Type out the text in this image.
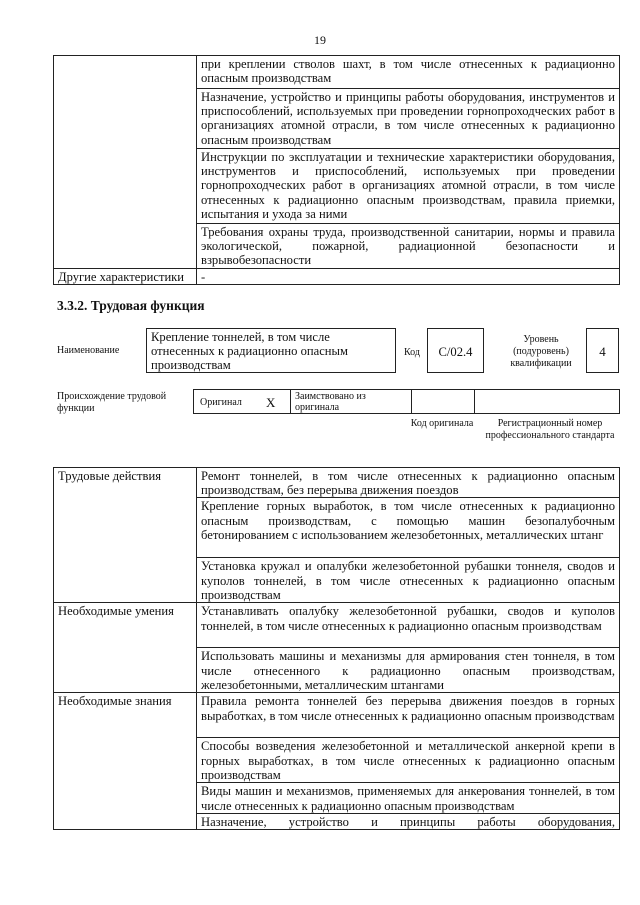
19
	при креплении стволов шахт, в том числе отнесенных к радиационно опасным производствам
	Назначение, устройство и принципы работы оборудования, инструментов и приспособлений, используемых при проведении горнопроходческих работ в организациях атомной отрасли, в том числе отнесенных к радиационно опасным производствам
	Инструкции по эксплуатации и технические характеристики оборудования, инструментов и приспособлений, используемых при проведении горнопроходческих работ в организациях атомной отрасли, в том числе отнесенных к радиационно опасным производствам, правила приемки, испытания и ухода за ними
	Требования охраны труда, производственной санитарии, нормы и правила экологической, пожарной, радиационной безопасности и взрывобезопасности
Другие характеристики	-
3.3.2. Трудовая функция
Наименование
Крепление тоннелей, в том числе отнесенных к радиационно опасным производствам
Код	C/02.4
Уровень (подуровень) квалификации
4
Происхождение трудовой функции
Оригинал X Заимствовано из оригинала
Код оригинала	Регистрационный номер профессионального стандарта
Трудовые действия	Ремонт тоннелей, в том числе отнесенных к радиационно опасным производствам, без перерыва движения поездов
	Крепление горных выработок, в том числе отнесенных к радиационно опасным производствам, с помощью машин безопалубочным бетонированием с использованием железобетонных, металлических штанг
	Установка кружал и опалубки железобетонной рубашки тоннеля, сводов и куполов тоннелей, в том числе отнесенных к радиационно опасным производствам
Необходимые умения	Устанавливать опалубку железобетонной рубашки, сводов и куполов тоннелей, в том числе отнесенных к радиационно опасным производствам
	Использовать машины и механизмы для армирования стен тоннеля, в том числе отнесенного к радиационно опасным производствам, железобетонными, металлическим штангами
Необходимые знания	Правила ремонта тоннелей без перерыва движения поездов в горных выработках, в том числе отнесенных к радиационно опасным производствам
	Способы возведения железобетонной и металлической анкерной крепи в горных выработках, в том числе отнесенных к радиационно опасным производствам
	Виды машин и механизмов, применяемых для анкерования тоннелей, в том числе отнесенных к радиационно опасным производствам
	Назначение, устройство и принципы работы оборудования,
